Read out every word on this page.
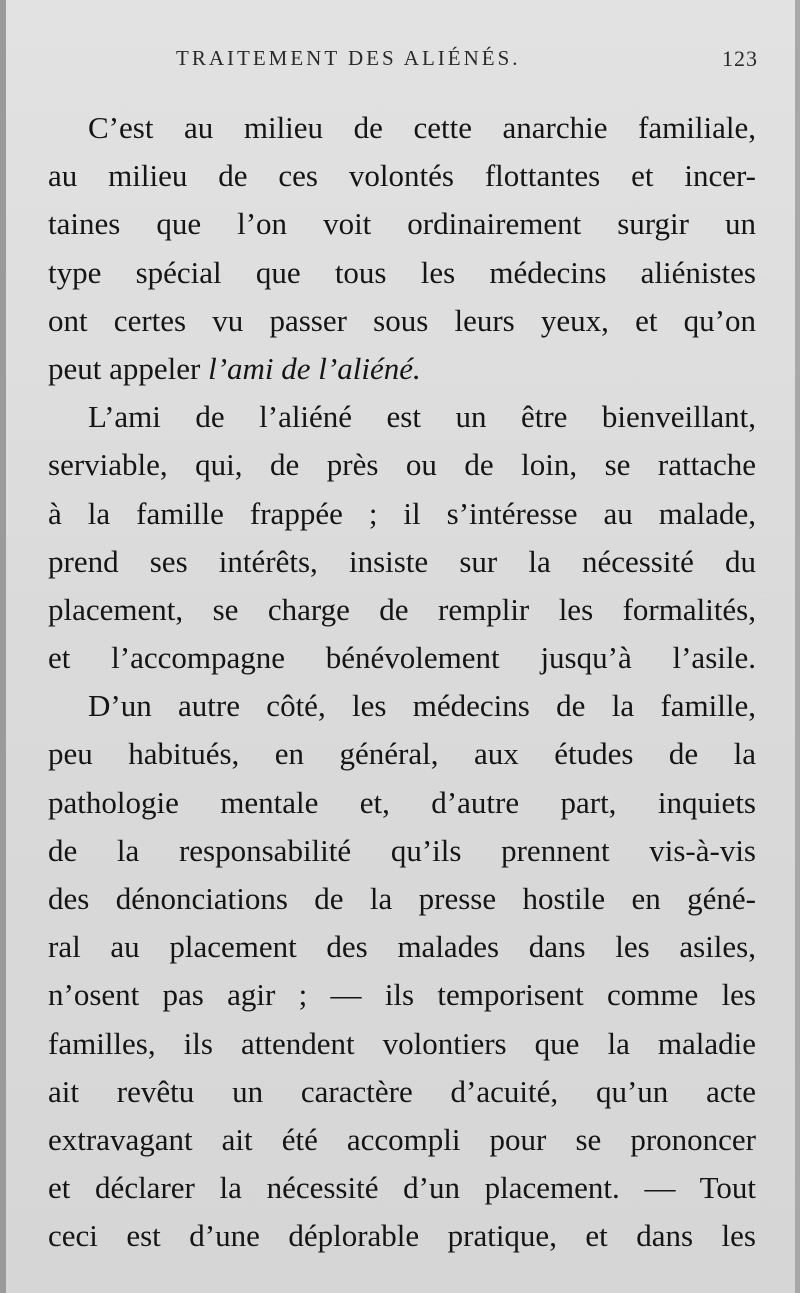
TRAITEMENT DES ALIÉNÉS.	123
C’est au milieu de cette anarchie familiale,
au milieu de ces volontés flottantes et incer-
taines que l’on voit ordinairement surgir un
type spécial que tous les médecins aliénistes
ont certes vu passer sous leurs yeux, et qu’on
peut appeler l’ami de l’aliéné.
L’ami de l’aliéné est un être bienveillant,
serviable, qui, de près ou de loin, se rattache
à la famille frappée ; il s’intéresse au malade,
prend ses intérêts, insiste sur la nécessité du
placement, se charge de remplir les formalités,
et l’accompagne bénévolement jusqu’à l’asile.
D’un autre côté, les médecins de la famille,
peu habitués, en général, aux études de la
pathologie mentale et, d’autre part, inquiets
de la responsabilité qu’ils prennent vis-à-vis
des dénonciations de la presse hostile en géné-
ral au placement des malades dans les asiles,
n’osent pas agir ; — ils temporisent comme les
familles, ils attendent volontiers que la maladie
ait revêtu un caractère d’acuité, qu’un acte
extravagant ait été accompli pour se prononcer
et déclarer la nécessité d’un placement. — Tout
ceci est d’une déplorable pratique, et dans les
